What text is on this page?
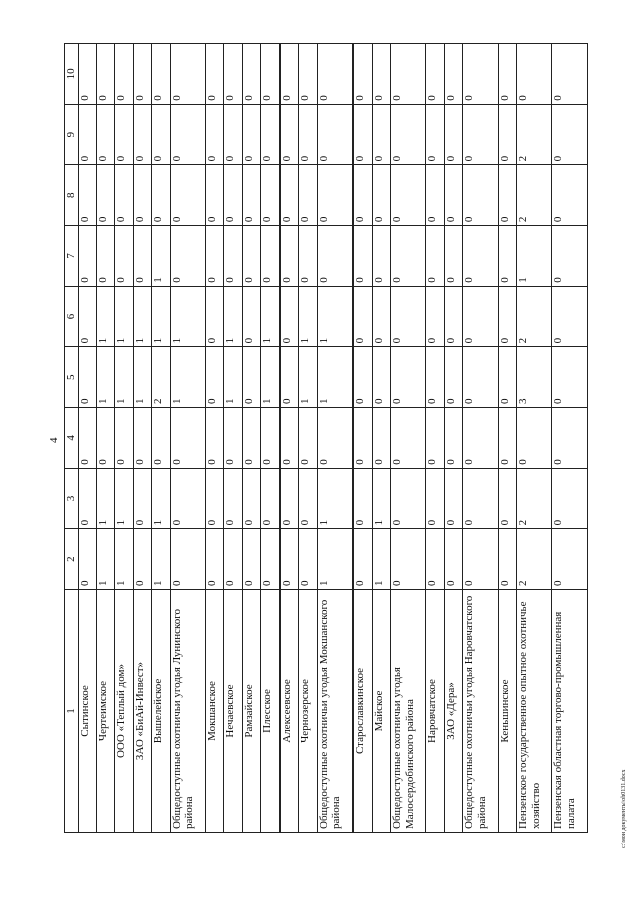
4
1	2	3	4	5	6	7	8	9	10
Сытинское	0	0	0	0	0	0	0	0	0
Чертеимское	1	1	0	1	1	0	0	0	0
ООО «Теплый дом»	1	1	0	1	1	0	0	0	0
ЗАО «БиАй-Инвест»	0	0	0	1	1	0	0	0	0
Вышелейское	1	1	0	2	1	1	0	0	0
Общедоступные охотничьи угодья Лунинского района	0	0	0	1	1	0	0	0	0
Мокшанское	0	0	0	0	0	0	0	0	0
Нечаевское	0	0	0	1	1	0	0	0	0
Рамзайское	0	0	0	0	0	0	0	0	0
Плесское	0	0	0	1	1	0	0	0	0
Алексеевское	0	0	0	0	0	0	0	0	0
Чернозерское	0	0	0	1	1	0	0	0	0
Общедоступные охотничьи угодья Мокшанского района	1	1	0	1	1	0	0	0	0
Старославкинское	0	0	0	0	0	0	0	0	0
Майское	1	1	0	0	0	0	0	0	0
Общедоступные охотничьи угодья Малосердобинского района	0	0	0	0	0	0	0	0	0
Наровчатское	0	0	0	0	0	0	0	0	0
ЗАО «Дера»	0	0	0	0	0	0	0	0	0
Общедоступные охотничьи угодья Наровчатского района	0	0	0	0	0	0	0	0	0
Кеньшинское	0	0	0	0	0	0	0	0	0
Пензенское государственное опытное охотничье хозяйство	2	2	0	3	2	1	2	2	0
Пензенская областная торгово-промышленная палата	0	0	0	0	0	0	0	0	0
c:\мои документы\oh0131.docx
